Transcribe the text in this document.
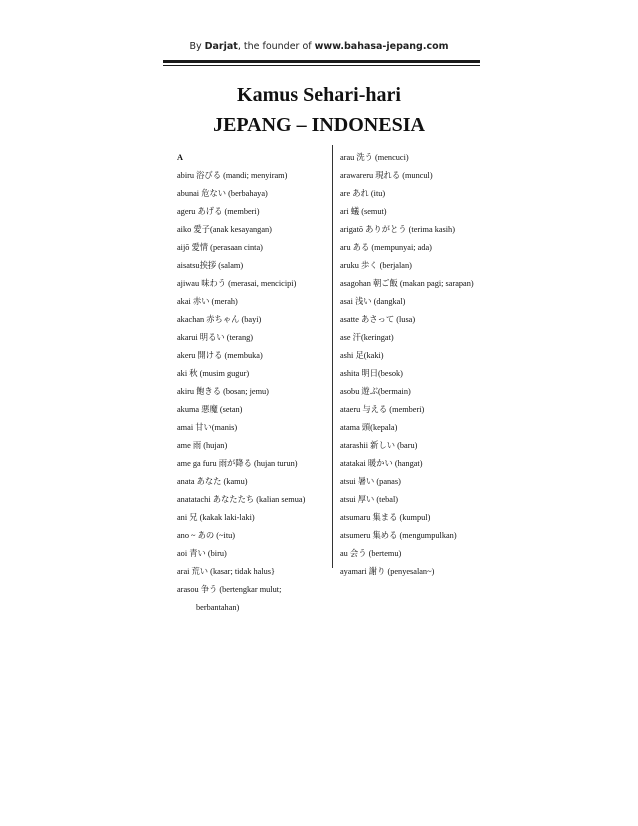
By Darjat, the founder of www.bahasa-jepang.com
Kamus Sehari-hari
JEPANG – INDONESIA
A
abiru 浴びる (mandi; menyiram)
abunai 危ない (berbahaya)
ageru あげる (memberi)
aiko 愛子(anak kesayangan)
aijō 愛情 (perasaan cinta)
aisatsu挨拶 (salam)
ajiwau 味わう (merasai, mencicipi)
akai 赤い (merah)
akachan 赤ちゃん (bayi)
akarui 明るい (terang)
akeru 開ける (membuka)
aki 秋 (musim gugur)
akiru 飽きる (bosan; jemu)
akuma 悪魔 (setan)
amai 甘い(manis)
ame 雨 (hujan)
ame ga furu 雨が降る (hujan turun)
anata あなた (kamu)
anatatachi あなたたち (kalian semua)
ani 兄 (kakak laki-laki)
ano ~ あの (~itu)
aoi 青い (biru)
arai 荒い (kasar; tidak halus}
arasou 争う (bertengkar mulut;
berbantahan)
arau 洗う (mencuci)
arawareru 現れる (muncul)
are あれ (itu)
ari 蟻 (semut)
arigatō ありがとう (terima kasih)
aru ある (mempunyai; ada)
aruku 歩く (berjalan)
asagohan 朝ご飯 (makan pagi; sarapan)
asai 浅い (dangkal)
asatte あさって (lusa)
ase 汗(keringat)
ashi 足(kaki)
ashita 明日(besok)
asobu 遊ぶ(bermain)
ataeru 与える (memberi)
atama 頭(kepala)
atarashii 新しい (baru)
atatakai 暖かい (hangat)
atsui 暑い (panas)
atsui 厚い (tebal)
atsumaru 集まる (kumpul)
atsumeru 集める (mengumpulkan)
au 会う (bertemu)
ayamari 謝り (penyesalan~)
